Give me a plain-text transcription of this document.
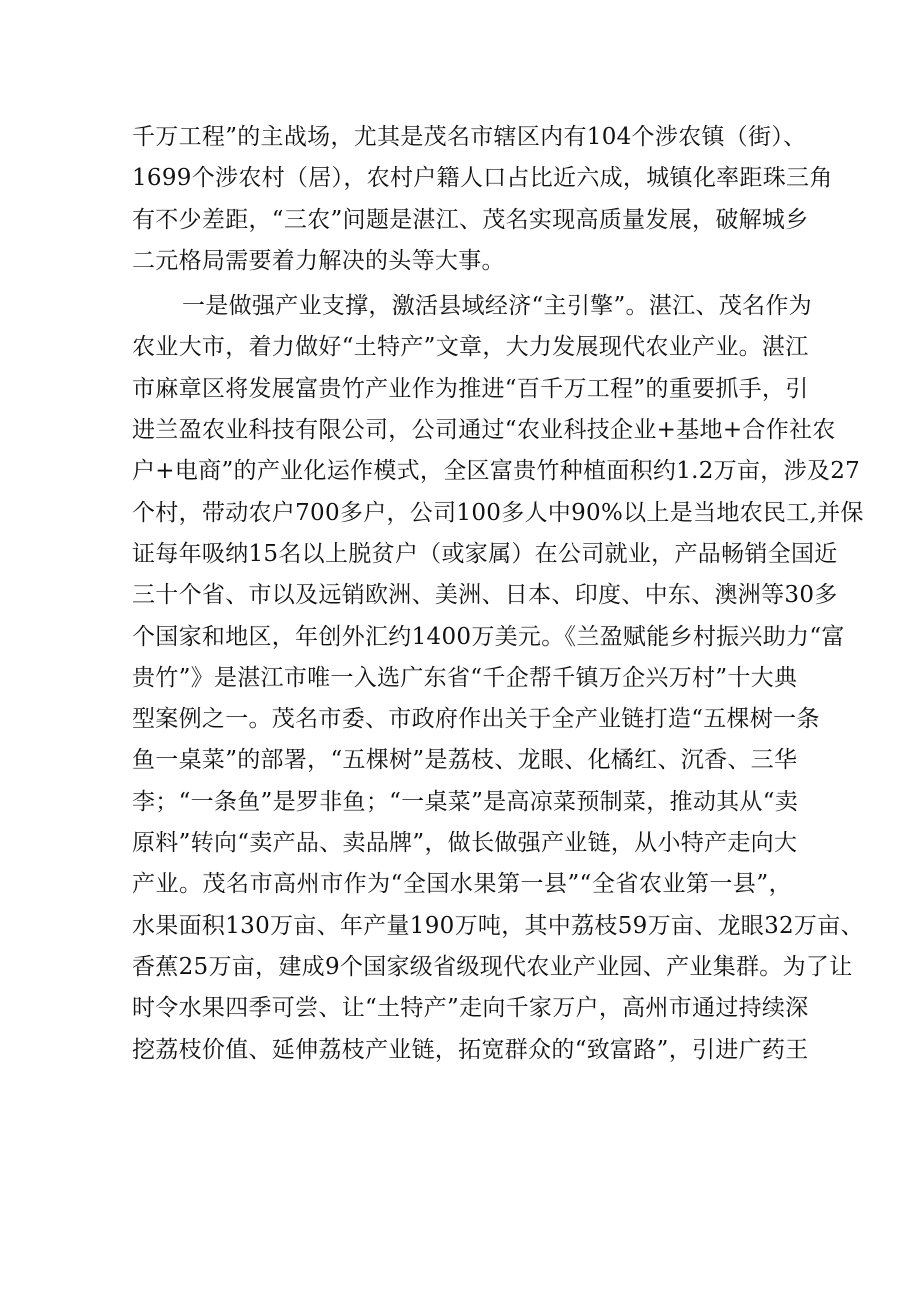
千万工程”的主战场，尤其是茂名市辖区内有104个涉农镇（街）、
1699个涉农村（居），农村户籍人口占比近六成，城镇化率距珠三角
有不少差距，“三农”问题是湛江、茂名实现高质量发展，破解城乡
二元格局需要着力解决的头等大事。
一是做强产业支撑，激活县域经济“主引擎”。湛江、茂名作为
农业大市，着力做好“土特产”文章，大力发展现代农业产业。湛江
市麻章区将发展富贵竹产业作为推进“百千万工程”的重要抓手，引
进兰盈农业科技有限公司，公司通过“农业科技企业+基地+合作社农
户+电商”的产业化运作模式，全区富贵竹种植面积约1.2万亩，涉及27
个村，带动农户700多户，公司100多人中90%以上是当地农民工,并保
证每年吸纳15名以上脱贫户（或家属）在公司就业，产品畅销全国近
三十个省、市以及远销欧洲、美洲、日本、印度、中东、澳洲等30多
个国家和地区，年创外汇约1400万美元。《兰盈赋能乡村振兴助力“富
贵竹”》是湛江市唯一入选广东省“千企帮千镇万企兴万村”十大典
型案例之一。茂名市委、市政府作出关于全产业链打造“五棵树一条
鱼一桌菜”的部署，“五棵树”是荔枝、龙眼、化橘红、沉香、三华
李；“一条鱼”是罗非鱼；“一桌菜”是高凉菜预制菜，推动其从“卖
原料”转向“卖产品、卖品牌”，做长做强产业链，从小特产走向大
产业。茂名市高州市作为“全国水果第一县”“全省农业第一县”，
水果面积130万亩、年产量190万吨，其中荔枝59万亩、龙眼32万亩、
香蕉25万亩，建成9个国家级省级现代农业产业园、产业集群。为了让
时令水果四季可尝、让“土特产”走向千家万户，高州市通过持续深
挖荔枝价值、延伸荔枝产业链，拓宽群众的“致富路”，引进广药王
